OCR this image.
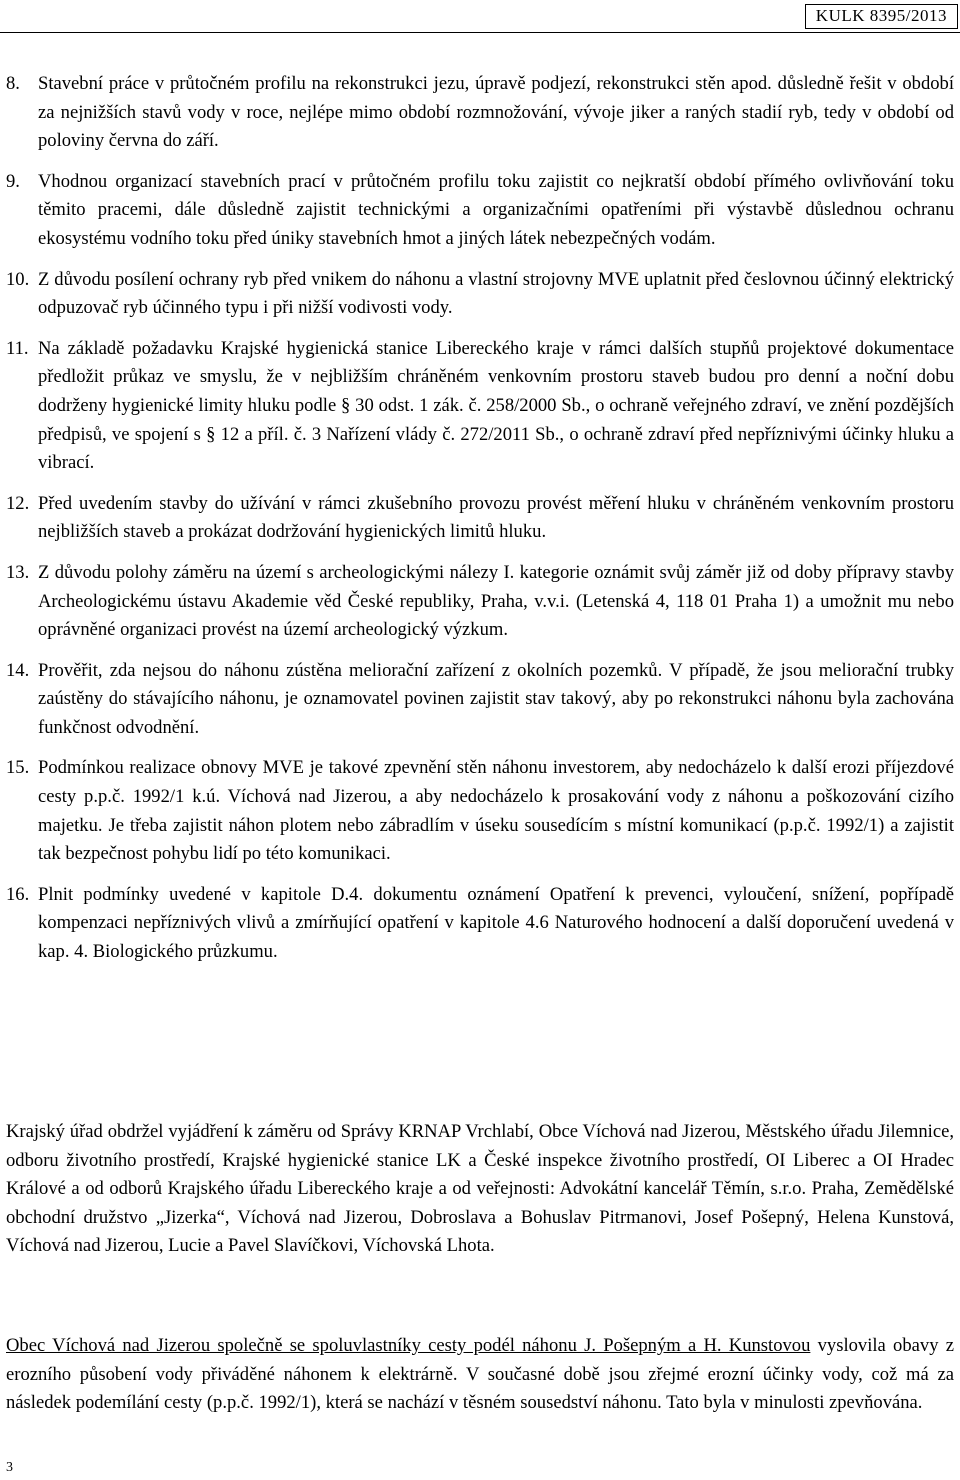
KULK 8395/2013
8. Stavební práce v průtočném profilu na rekonstrukci jezu, úpravě podjezí, rekonstrukci stěn apod. důsledně řešit v období za nejnižších stavů vody v roce, nejlépe mimo období rozmnožování, vývoje jiker a raných stadií ryb, tedy v období od poloviny června do září.
9. Vhodnou organizací stavebních prací v průtočném profilu toku zajistit co nejkratší období přímého ovlivňování toku těmito pracemi, dále důsledně zajistit technickými a organizačními opatřeními při výstavbě důslednou ochranu ekosystému vodního toku před úniky stavebních hmot a jiných látek nebezpečných vodám.
10. Z důvodu posílení ochrany ryb před vnikem do náhonu a vlastní strojovny MVE uplatnit před česlovnou účinný elektrický odpuzovač ryb účinného typu i při nižší vodivosti vody.
11. Na základě požadavku Krajské hygienická stanice Libereckého kraje v rámci dalších stupňů projektové dokumentace předložit průkaz ve smyslu, že v nejbližším chráněném venkovním prostoru staveb budou pro denní a noční dobu dodrženy hygienické limity hluku podle § 30 odst. 1 zák. č. 258/2000 Sb., o ochraně veřejného zdraví, ve znění pozdějších předpisů, ve spojení s § 12 a příl. č. 3 Nařízení vlády č. 272/2011 Sb., o ochraně zdraví před nepříznivými účinky hluku a vibrací.
12. Před uvedením stavby do užívání v rámci zkušebního provozu provést měření hluku v chráněném venkovním prostoru nejbližších staveb a prokázat dodržování hygienických limitů hluku.
13. Z důvodu polohy záměru na území s archeologickými nálezy I. kategorie oznámit svůj záměr již od doby přípravy stavby Archeologickému ústavu Akademie věd České republiky, Praha, v.v.i. (Letenská 4, 118 01 Praha 1) a umožnit mu nebo oprávněné organizaci provést na území archeologický výzkum.
14. Prověřit, zda nejsou do náhonu zústěna meliorační zařízení z okolních pozemků. V případě, že jsou meliorační trubky zaústěny do stávajícího náhonu, je oznamovatel povinen zajistit stav takový, aby po rekonstrukci náhonu byla zachována funkčnost odvodnění.
15. Podmínkou realizace obnovy MVE je takové zpevnění stěn náhonu investorem, aby nedocházelo k další erozi příjezdové cesty p.p.č. 1992/1 k.ú. Víchová nad Jizerou, a aby nedocházelo k prosakování vody z náhonu a poškozování cizího majetku. Je třeba zajistit náhon plotem nebo zábradlím v úseku sousedícím s místní komunikací (p.p.č. 1992/1) a zajistit tak bezpečnost pohybu lidí po této komunikaci.
16. Plnit podmínky uvedené v kapitole D.4. dokumentu oznámení Opatření k prevenci, vyloučení, snížení, popřípadě kompenzaci nepříznivých vlivů a zmírňující opatření v kapitole 4.6 Naturového hodnocení a další doporučení uvedená v kap. 4. Biologického průzkumu.
Krajský úřad obdržel vyjádření k záměru od Správy KRNAP Vrchlabí, Obce Víchová nad Jizerou, Městského úřadu Jilemnice, odboru životního prostředí, Krajské hygienické stanice LK a České inspekce životního prostředí, OI Liberec a OI Hradec Králové a od odborů Krajského úřadu Libereckého kraje a od veřejnosti: Advokátní kancelář Těmín, s.r.o. Praha, Zemědělské obchodní družstvo „Jizerka“, Víchová nad Jizerou, Dobroslava a Bohuslav Pitrmanovi, Josef Pošepný, Helena Kunstová, Víchová nad Jizerou, Lucie a Pavel Slavíčkovi, Víchovská Lhota.
Obec Víchová nad Jizerou společně se spoluvlastníky cesty podél náhonu J. Pošepným a H. Kunstovou vyslovila obavy z erozního působení vody přiváděné náhonem k elektrárně. V současné době jsou zřejmé erozní účinky vody, což má za následek podemílání cesty (p.p.č. 1992/1), která se nachází v těsném sousedství náhonu. Tato byla v minulosti zpevňována.
3
